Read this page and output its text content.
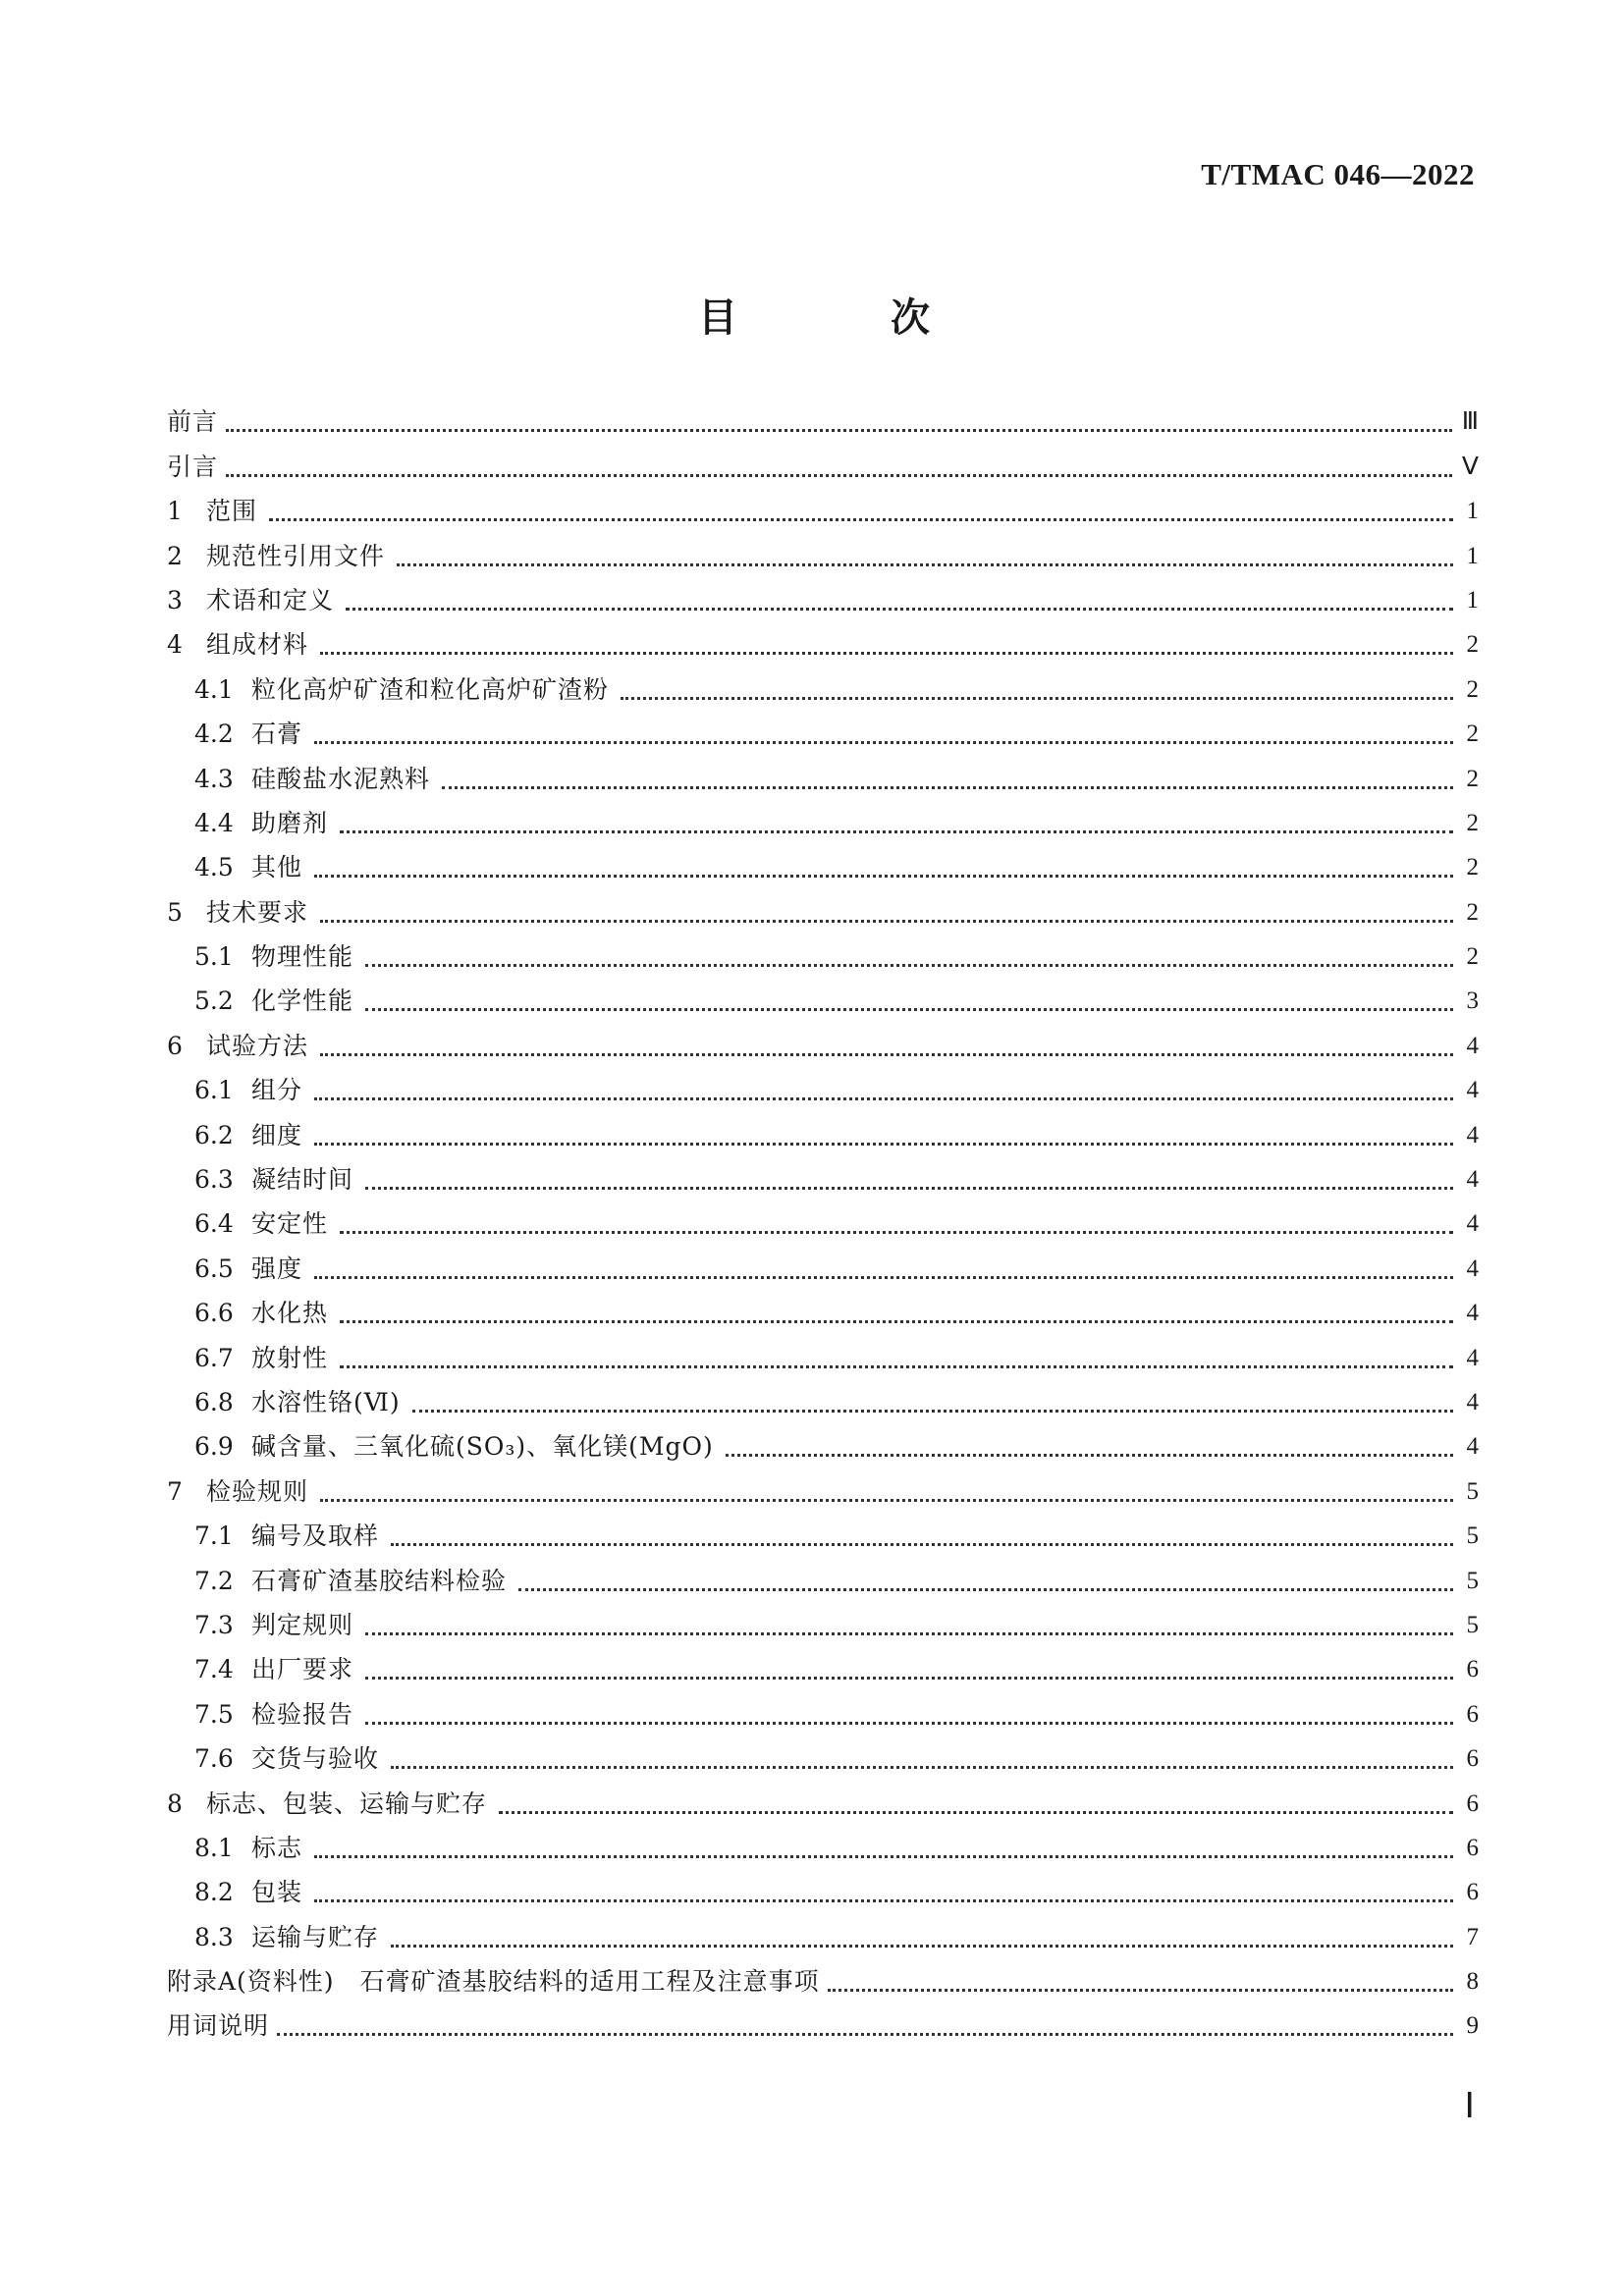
T/TMAC 046—2022
目　次
前言	Ⅲ
引言	Ⅴ
1 范围	1
2 规范性引用文件	1
3 术语和定义	1
4 组成材料	2
4.1 粒化高炉矿渣和粒化高炉矿渣粉	2
4.2 石膏	2
4.3 硅酸盐水泥熟料	2
4.4 助磨剂	2
4.5 其他	2
5 技术要求	2
5.1 物理性能	2
5.2 化学性能	3
6 试验方法	4
6.1 组分	4
6.2 细度	4
6.3 凝结时间	4
6.4 安定性	4
6.5 强度	4
6.6 水化热	4
6.7 放射性	4
6.8 水溶性铬(Ⅵ)	4
6.9 碱含量、三氧化硫(SO₃)、氧化镁(MgO)	4
7 检验规则	5
7.1 编号及取样	5
7.2 石膏矿渣基胶结料检验	5
7.3 判定规则	5
7.4 出厂要求	6
7.5 检验报告	6
7.6 交货与验收	6
8 标志、包装、运输与贮存	6
8.1 标志	6
8.2 包装	6
8.3 运输与贮存	7
附录A(资料性)　石膏矿渣基胶结料的适用工程及注意事项	8
用词说明	9
Ⅰ
